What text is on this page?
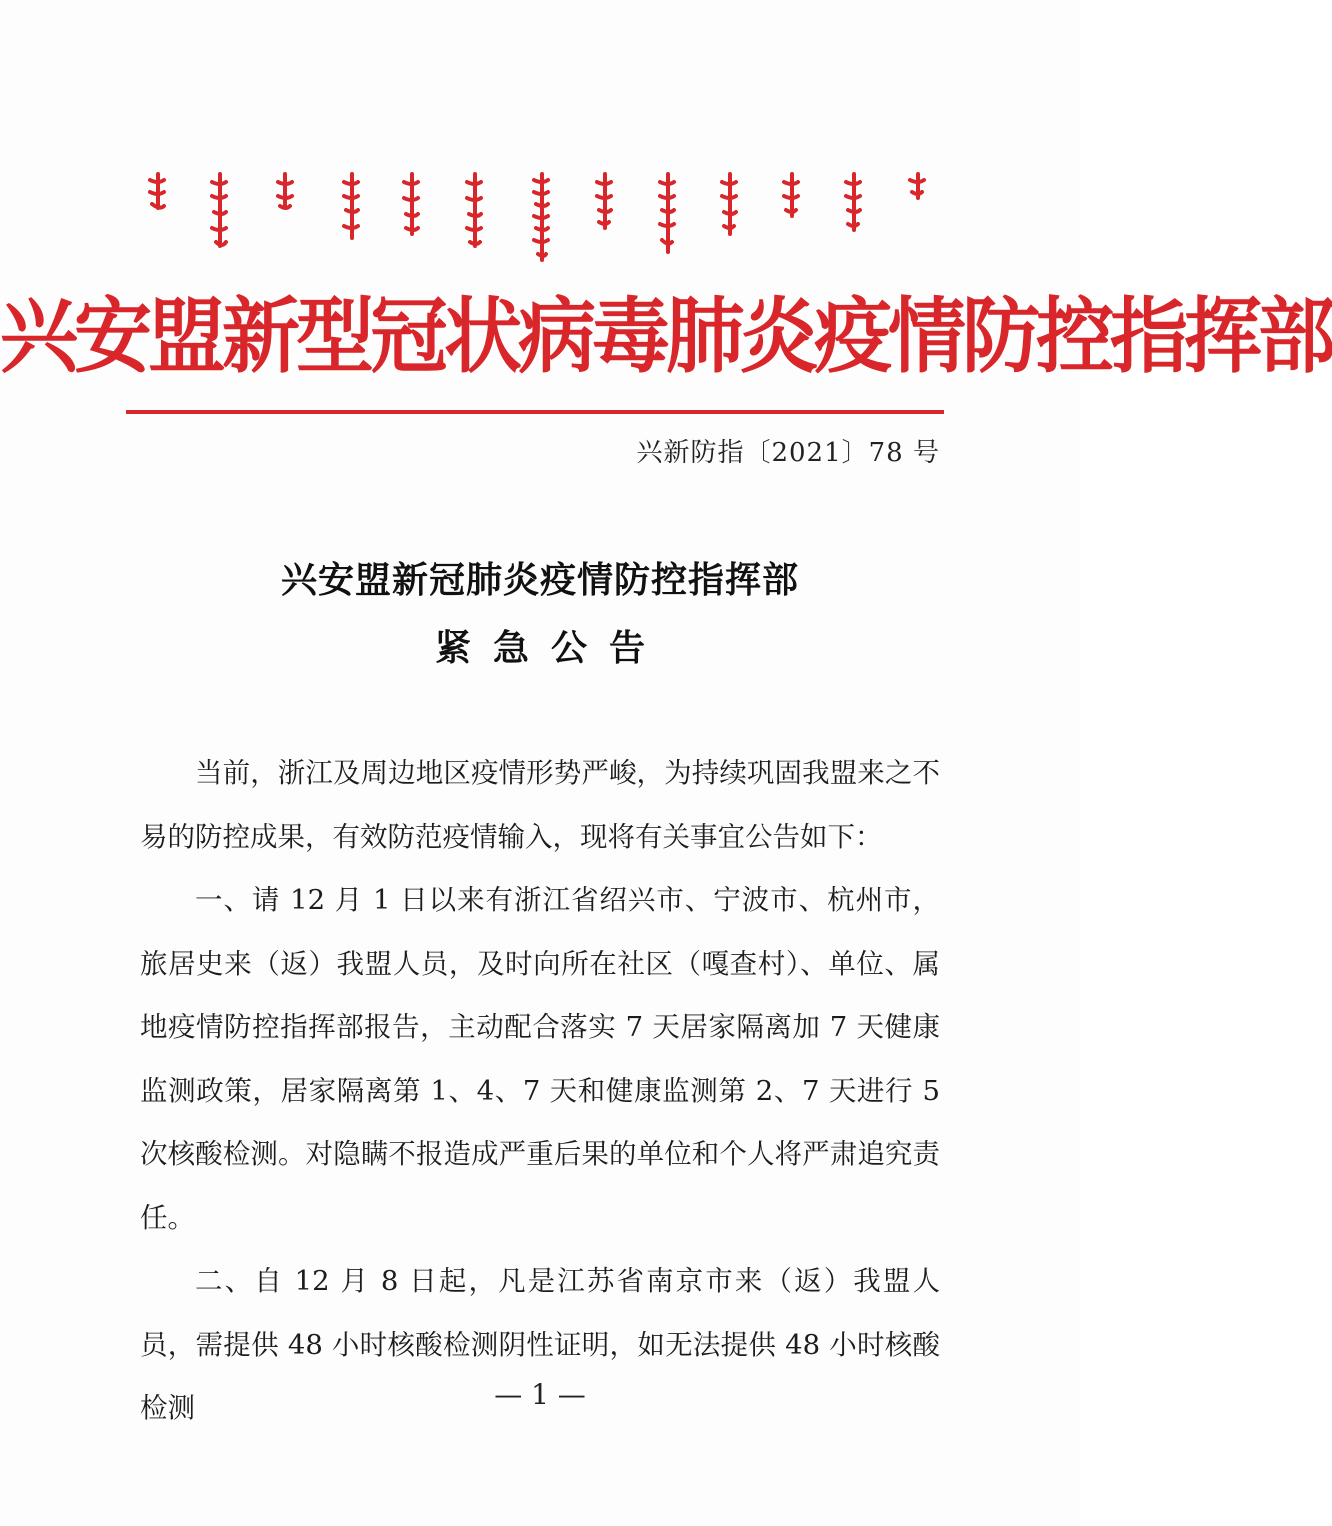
兴安盟新型冠状病毒肺炎疫情防控指挥部
兴新防指〔2021〕78 号
兴安盟新冠肺炎疫情防控指挥部
紧急公告

当前，浙江及周边地区疫情形势严峻，为持续巩固我盟来之不易的防控成果，有效防范疫情输入，现将有关事宜公告如下：

一、请 12 月 1 日以来有浙江省绍兴市、宁波市、杭州市，旅居史来（返）我盟人员，及时向所在社区（嘎查村）、单位、属地疫情防控指挥部报告，主动配合落实 7 天居家隔离加 7 天健康监测政策，居家隔离第 1、4、7 天和健康监测第 2、7 天进行 5 次核酸检测。对隐瞒不报造成严重后果的单位和个人将严肃追究责任。

二、自 12 月 8 日起，凡是江苏省南京市来（返）我盟人员，需提供 48 小时核酸检测阴性证明，如无法提供 48 小时核酸检测	— 1 —
